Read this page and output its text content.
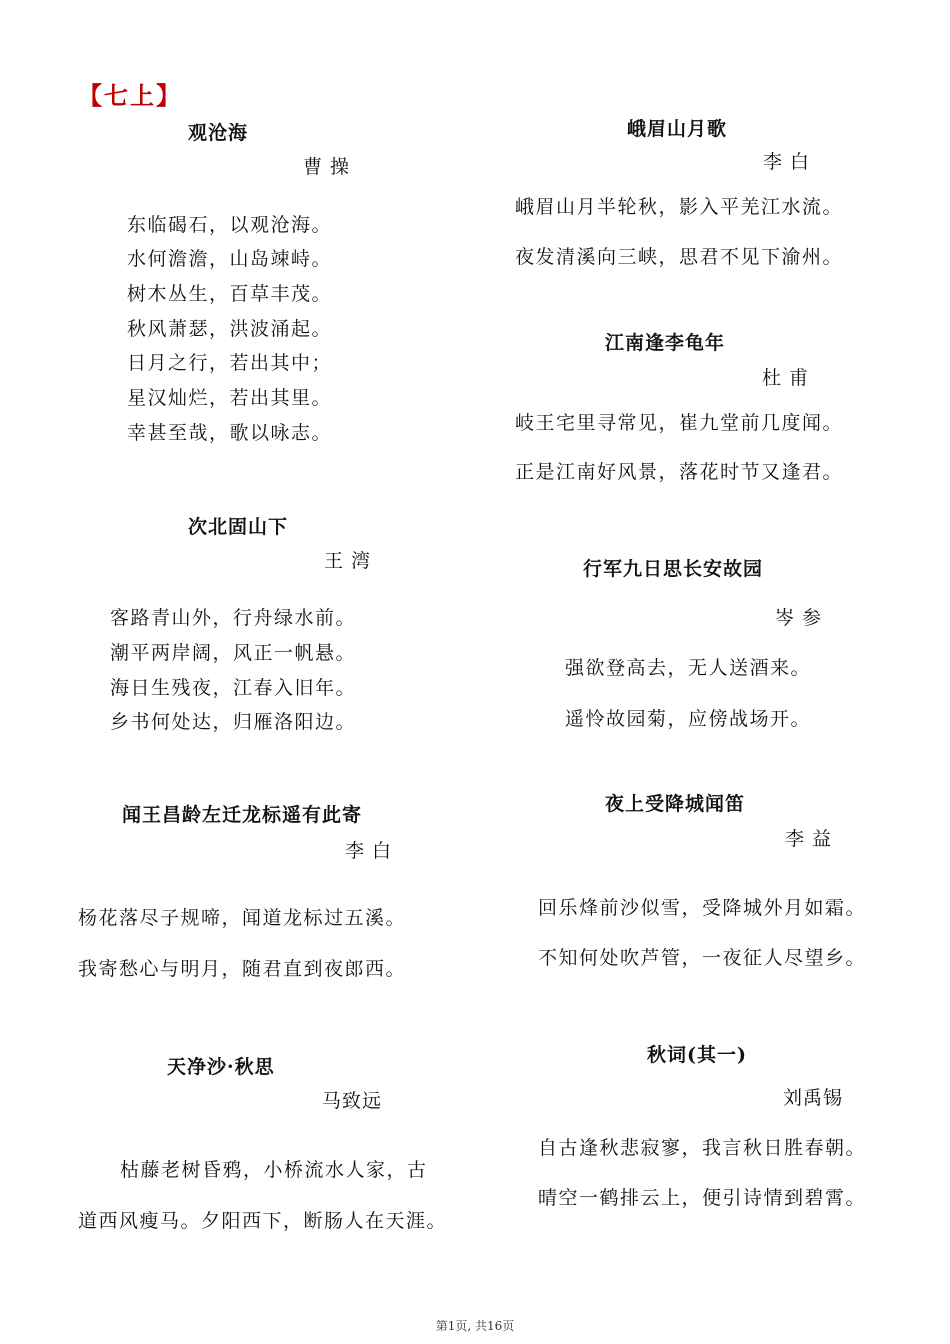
【七上】
观沧海
曹 操
东临碣石，以观沧海。
水何澹澹，山岛竦峙。
树木丛生，百草丰茂。
秋风萧瑟，洪波涌起。
日月之行，若出其中；
星汉灿烂，若出其里。
幸甚至哉，歌以咏志。
次北固山下
王 湾
客路青山外，行舟绿水前。
潮平两岸阔，风正一帆悬。
海日生残夜，江春入旧年。
乡书何处达，归雁洛阳边。
闻王昌龄左迁龙标遥有此寄
李 白
杨花落尽子规啼，闻道龙标过五溪。
我寄愁心与明月，随君直到夜郎西。
天净沙·秋思
马致远
枯藤老树昏鸦，小桥流水人家，古
道西风瘦马。夕阳西下，断肠人在天涯。
峨眉山月歌
李 白
峨眉山月半轮秋，影入平羌江水流。
夜发清溪向三峡，思君不见下渝州。
江南逢李龟年
杜 甫
岐王宅里寻常见，崔九堂前几度闻。
正是江南好风景，落花时节又逢君。
行军九日思长安故园
岑 参
强欲登高去，无人送酒来。
遥怜故园菊，应傍战场开。
夜上受降城闻笛
李 益
回乐烽前沙似雪，受降城外月如霜。
不知何处吹芦管，一夜征人尽望乡。
秋词(其一)
刘禹锡
自古逢秋悲寂寥，我言秋日胜春朝。
晴空一鹤排云上，便引诗情到碧霄。
第1页, 共16页
